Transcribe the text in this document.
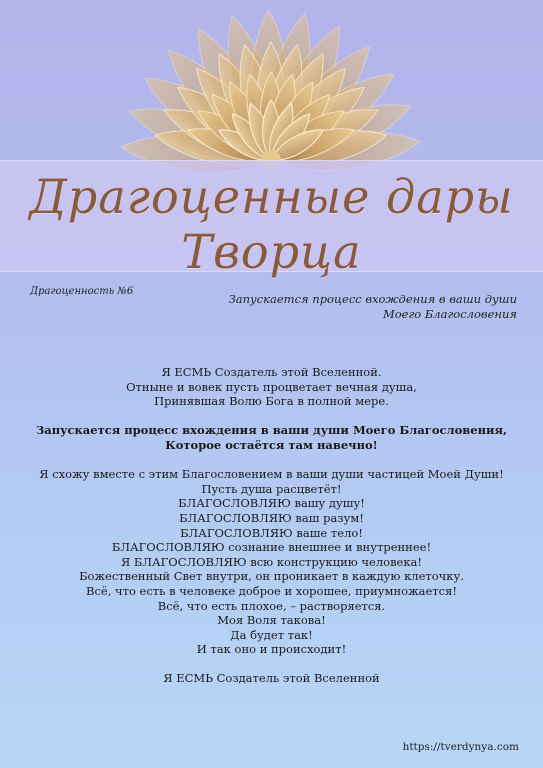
Драгоценные дары Творца
Драгоценность №6
Запускается процесс вхождения в ваши души
Моего Благословения
Я ЕСМЬ Создатель этой Вселенной.
Отныне и вовек пусть процветает вечная душа,
Принявшая Волю Бога в полной мере.
Запускается процесс вхождения в ваши души Моего Благословения,
Которое остаётся там навечно!
Я схожу вместе с этим Благословением в ваши души частицей Моей Души!
Пусть душа расцветёт!
БЛАГОСЛОВЛЯЮ вашу душу!
БЛАГОСЛОВЛЯЮ ваш разум!
БЛАГОСЛОВЛЯЮ ваше тело!
БЛАГОСЛОВЛЯЮ сознание внешнее и внутреннее!
Я БЛАГОСЛОВЛЯЮ всю конструкцию человека!
Божественный Свет внутри, он проникает в каждую клеточку.
Всё, что есть в человеке доброе и хорошее, приумножается!
Всё, что есть плохое, – растворяется.
Моя Воля такова!
Да будет так!
И так оно и происходит!
Я ЕСМЬ Создатель этой Вселенной
https://tverdynya.com
